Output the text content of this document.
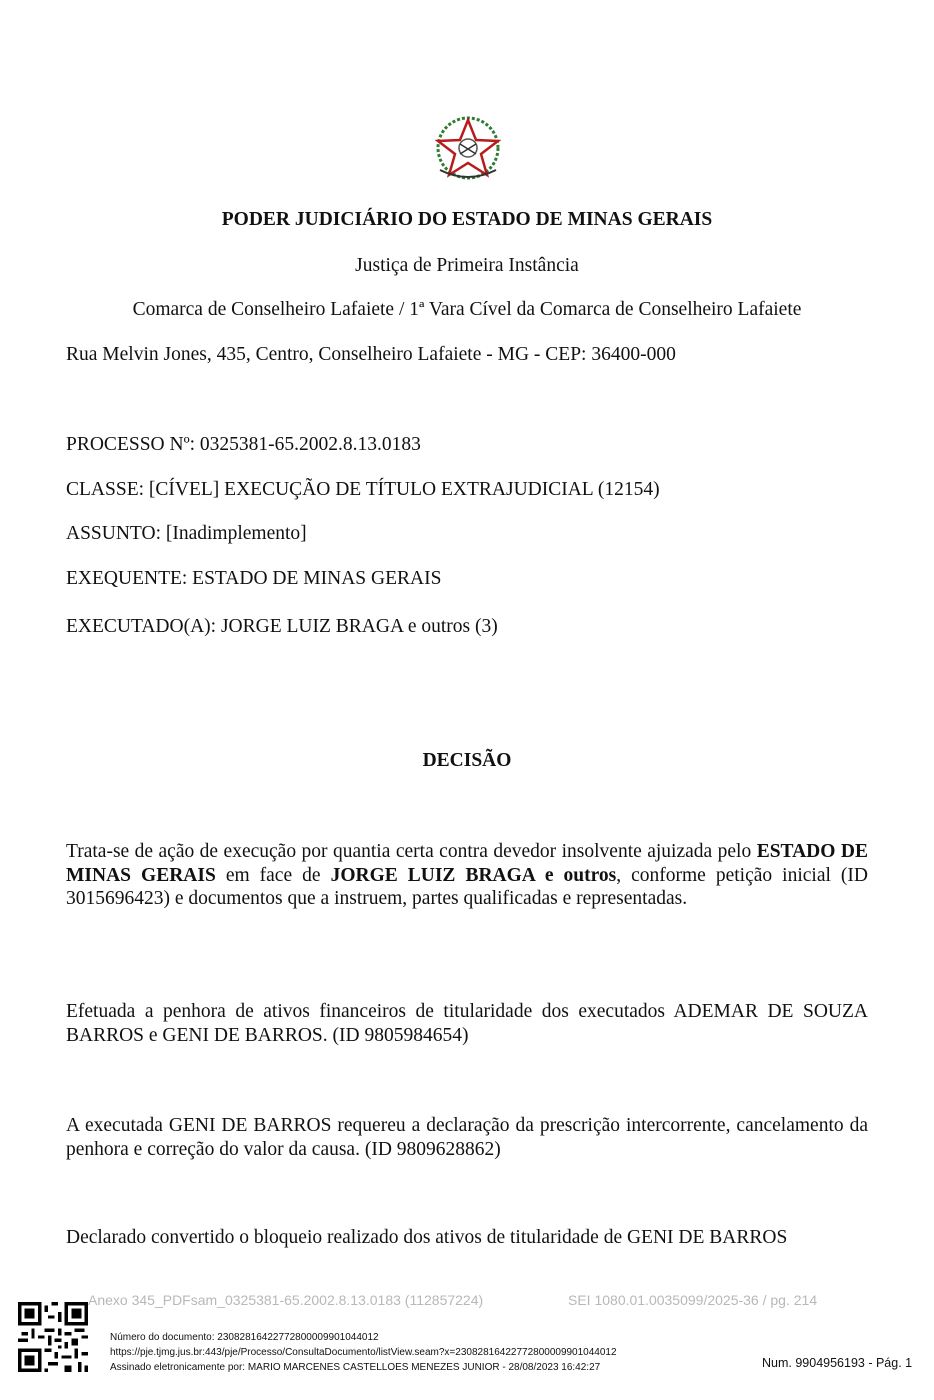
PODER JUDICIÁRIO DO ESTADO DE MINAS GERAIS
Justiça de Primeira Instância
Comarca de Conselheiro Lafaiete / 1ª Vara Cível da Comarca de Conselheiro Lafaiete
Rua Melvin Jones, 435, Centro, Conselheiro Lafaiete - MG - CEP: 36400-000
PROCESSO Nº: 0325381-65.2002.8.13.0183
CLASSE: [CÍVEL] EXECUÇÃO DE TÍTULO EXTRAJUDICIAL (12154)
ASSUNTO: [Inadimplemento]
EXEQUENTE: ESTADO DE MINAS GERAIS
EXECUTADO(A): JORGE LUIZ BRAGA e outros (3)
DECISÃO

Trata-se de ação de execução por quantia certa contra devedor insolvente ajuizada pelo ESTADO DE MINAS GERAIS em face de JORGE LUIZ BRAGA e outros, conforme petição inicial (ID 3015696423) e documentos que a instruem, partes qualificadas e representadas.

Efetuada a penhora de ativos financeiros de titularidade dos executados ADEMAR DE SOUZA BARROS e GENI DE BARROS. (ID 9805984654)

A executada GENI DE BARROS requereu a declaração da prescrição intercorrente, cancelamento da penhora e correção do valor da causa. (ID 9809628862)

Declarado convertido o bloqueio realizado dos ativos de titularidade de GENI DE BARROS

Anexo 345_PDFsam_0325381-65.2002.8.13.0183 (112857224)	SEI 1080.01.0035099/2025-36 / pg. 214
Número do documento: 23082816422772800009901044012
https://pje.tjmg.jus.br:443/pje/Processo/ConsultaDocumento/listView.seam?x=23082816422772800009901044012
Assinado eletronicamente por: MARIO MARCENES CASTELLOES MENEZES JUNIOR - 28/08/2023 16:42:27	Num. 9904956193 - Pág. 1
